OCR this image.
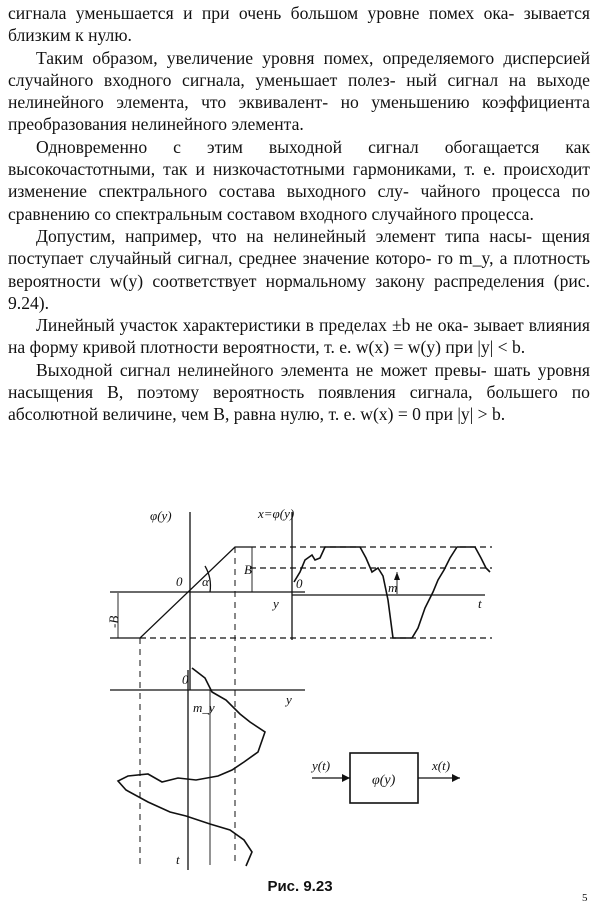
сигнала уменьшается и при очень большом уровне помех ока- зывается близким к нулю.

Таким образом, увеличение уровня помех, определяемого дисперсией случайного входного сигнала, уменьшает полез- ный сигнал на выходе нелинейного элемента, что эквивалент- но уменьшению коэффициента преобразования нелинейного элемента.

Одновременно с этим выходной сигнал обогащается как высокочастотными, так и низкочастотными гармониками, т. е. происходит изменение спектрального состава выходного слу- чайного процесса по сравнению со спектральным составом входного случайного процесса.

Допустим, например, что на нелинейный элемент типа насы- щения поступает случайный сигнал, среднее значение которо- го m_y, а плотность вероятности w(y) соответствует нормальному закону распределения (рис. 9.24).

Линейный участок характеристики в пределах ±b не ока- зывает влияния на форму кривой плотности вероятности, т. е. w(x) = w(y) при |y| < b.

Выходной сигнал нелинейного элемента не может превы- шать уровня насыщения B, поэтому вероятность появления сигнала, большего по абсолютной величине, чем B, равна нулю, т. е. w(x) = 0 при |y| > b.

φ(y)	x=φ(y)
0 α	0
y	t
B
m
-B
0
y
m_y
t
y(t)
φ(y)
x(t)
Рис. 9.23
5
